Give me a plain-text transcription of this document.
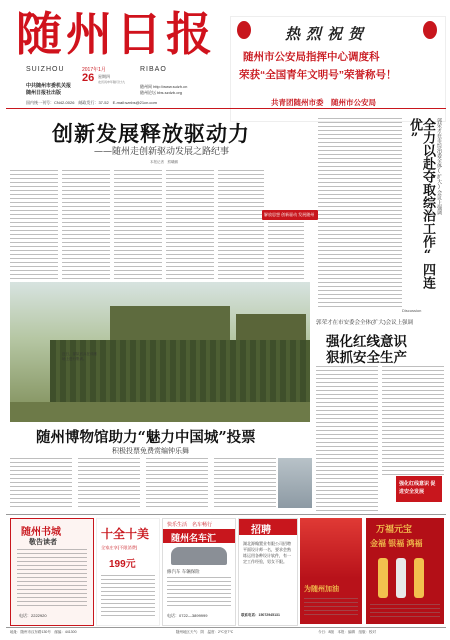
随州日报
SUIZHOU	RIBAO
2017年1月
26 星期四
农历丙申年腊月廿九
中共随州市委机关报
随州日报社出版
随州网 http://www.suizh.cn
随州论坛 bbs.szdzb.org
国内统一刊号：CN42-0026　邮政发行：37-52　E-mail:sznbs@21cn.com
热烈祝贺
随州市公安局指挥中心调度科
荣获“全国青年文明号”荣誉称号！
共青团随州市委　随州市公安局
创新发展释放驱动力
——随州走创新驱动发展之路纪事
本报记者　熊曦鹏
解放思想 创新驱动 发展随州	郭荣才在市综治委全体(扩大)会议上强调
全力以赴夺取综治工作“四连优”
Discussion
近日，部队官兵在训练场上进行集训。
郭荣才在市安委会全体(扩大)会议上强调
强化红线意识
狠抓安全生产
强化红线意识 促进安全发展
随州博物馆助力“魅力中国城”投票
积极投票免费赏编钟乐舞
随州书城
敬告读者
电话：2222920
十全十美
全家庄享(不限消费)
199元
快乐生活　名车畅行
随州名车汇
修汽车 车辆保险
电话：0722—3899999
招聘
湖北源翰置业有限公司招聘平面设计师一名，要求会熟练运用各种设计软件，有一定工作经验，男女不限。
联系电话：15072945131
为随州加油
万福元宝
金福 银福 鸿福
地址：随州市汉东路130号　邮编：441300	随州地区天气：阴　温度：2℃至7℃	今日：8版　本报：编辑　组版：校对
